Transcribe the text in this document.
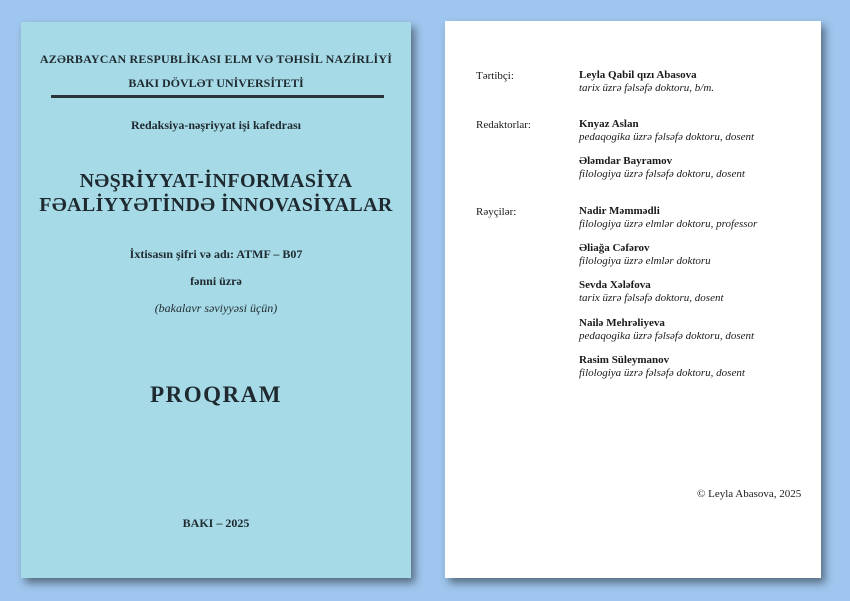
AZƏRBAYCAN RESPUBLİKASI ELM VƏ TƏHSİL NAZİRLİYİ
BAKI DÖVLƏT UNİVERSİTETİ
Redaksiya-nəşriyyat işi kafedrası
NƏŞRİYYAT-İNFORMASİYA
FƏALİYYƏTİNDƏ İNNOVASİYALAR
İxtisasın şifri və adı: ATMF – B07
fənni üzrə
(bakalavr səviyyəsi üçün)
PROQRAM
BAKI – 2025
Tərtibçi:	Leyla Qabil qızı Abasova
tarix üzrə fəlsəfə doktoru, b/m.
Redaktorlar:	Knyaz Aslan
pedaqogika üzrə fəlsəfə doktoru, dosent
Ələmdar Bayramov
filologiya üzrə fəlsəfə doktoru, dosent
Rəyçilər:	Nadir Məmmədli
filologiya üzrə elmlər doktoru, professor
Əliağa Cəfərov
filologiya üzrə elmlər doktoru
Sevda Xələfova
tarix üzrə fəlsəfə doktoru, dosent
Nailə Mehrəliyeva
pedaqogika üzrə fəlsəfə doktoru, dosent
Rasim Süleymanov
filologiya üzrə fəlsəfə doktoru, dosent
© Leyla Abasova, 2025
